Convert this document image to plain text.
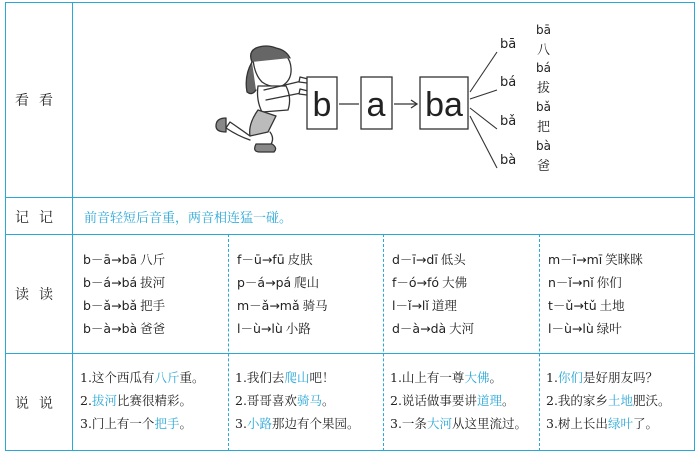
看看
记记
读读
说说
b a ba
bā
bā
八
bá
bá
拔
bǎ
bǎ
把
bà
bà
爸
前音轻短后音重，两音相连猛一碰。
b－ā→bā 八斤
b－á→bá 拔河
b－ǎ→bǎ 把手
b－à→bà 爸爸
f－ū→fū 皮肤
p－á→pá 爬山
m－ǎ→mǎ 骑马
l－ù→lù 小路
d－ī→dī 低头
f－ó→fó 大佛
l－ǐ→lǐ 道理
d－à→dà 大河
m－ī→mī 笑眯眯
n－ǐ→nǐ 你们
t－ǔ→tǔ 土地
l－ù→lù 绿叶
1.这个西瓜有八斤重。
2.拔河比赛很精彩。
3.门上有一个把手。
1.我们去爬山吧！
2.哥哥喜欢骑马。
3.小路那边有个果园。
1.山上有一尊大佛。
2.说话做事要讲道理。
3.一条大河从这里流过。
1.你们是好朋友吗？
2.我的家乡土地肥沃。
3.树上长出绿叶了。
